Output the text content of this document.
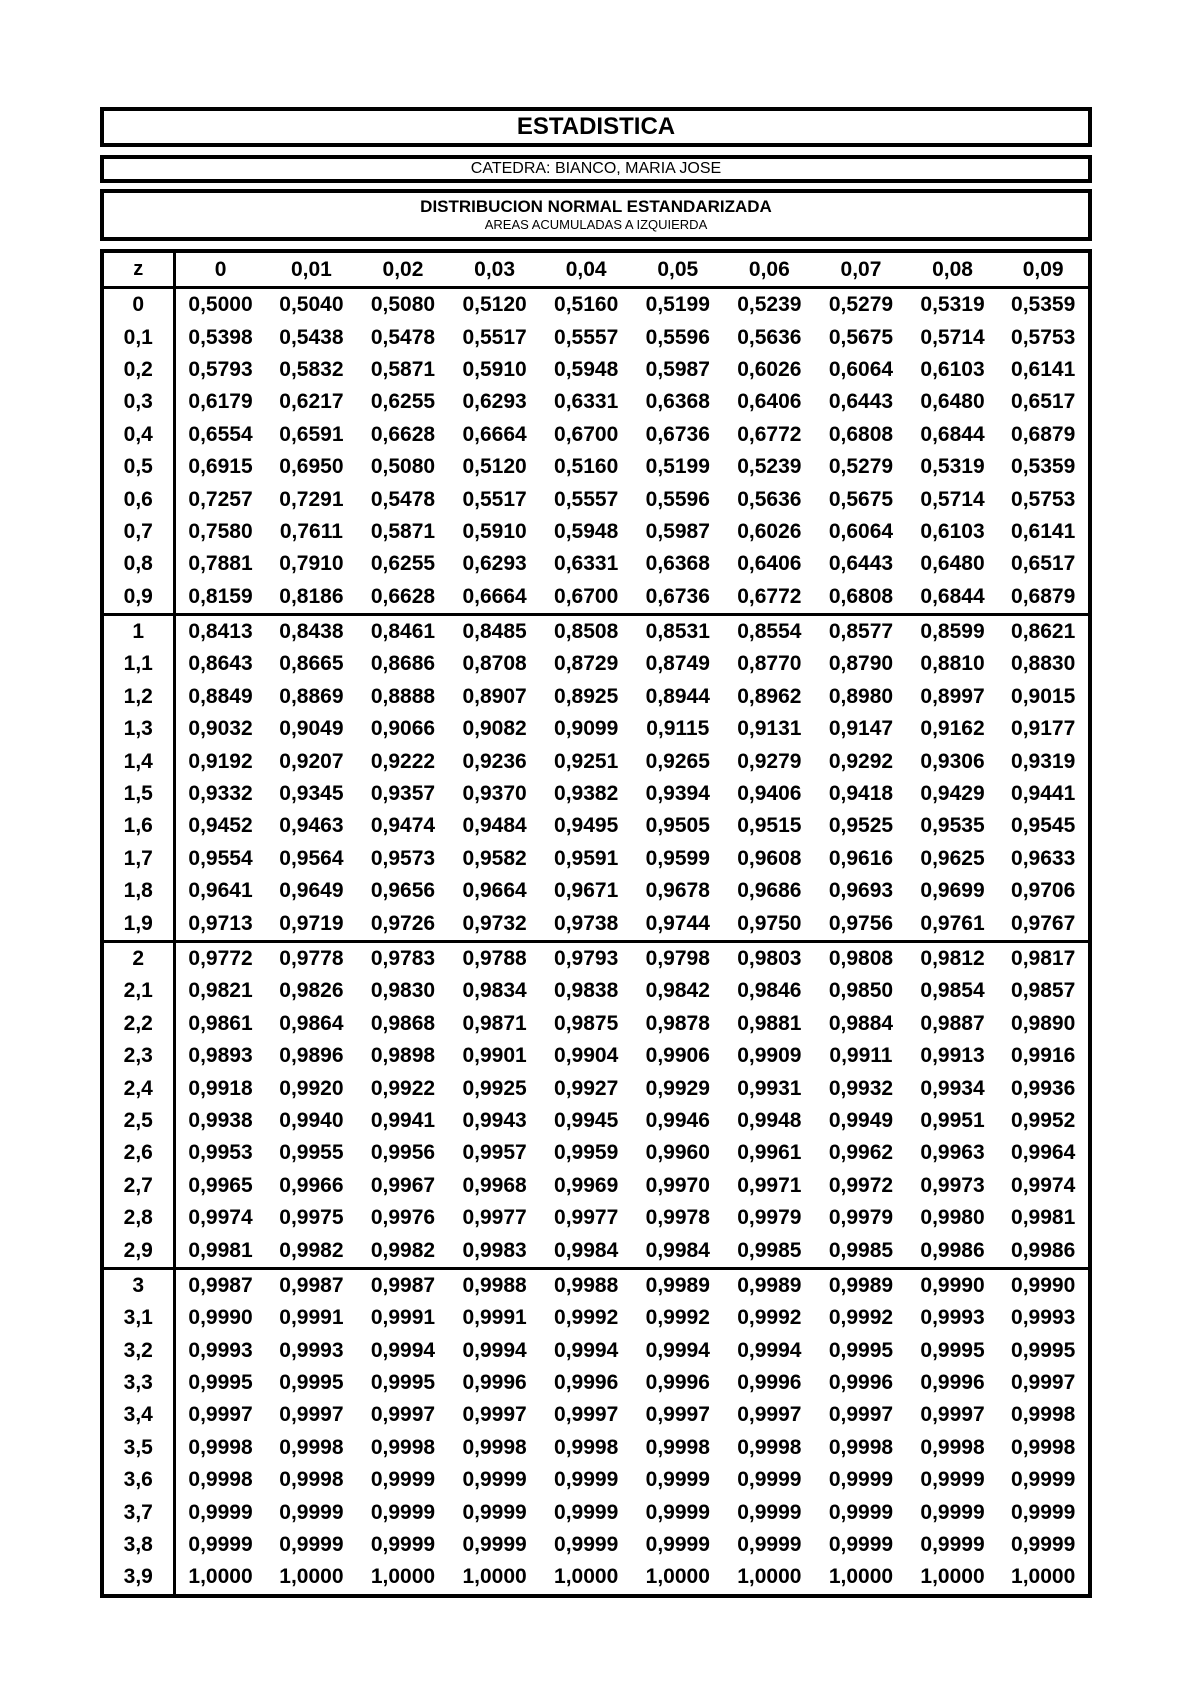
ESTADISTICA
CATEDRA: BIANCO, MARIA JOSE
DISTRIBUCION NORMAL ESTANDARIZADA
AREAS ACUMULADAS A IZQUIERDA
z	0	0,01	0,02	0,03	0,04	0,05	0,06	0,07	0,08	0,09
0	0,5000	0,5040	0,5080	0,5120	0,5160	0,5199	0,5239	0,5279	0,5319	0,5359
0,1	0,5398	0,5438	0,5478	0,5517	0,5557	0,5596	0,5636	0,5675	0,5714	0,5753
0,2	0,5793	0,5832	0,5871	0,5910	0,5948	0,5987	0,6026	0,6064	0,6103	0,6141
0,3	0,6179	0,6217	0,6255	0,6293	0,6331	0,6368	0,6406	0,6443	0,6480	0,6517
0,4	0,6554	0,6591	0,6628	0,6664	0,6700	0,6736	0,6772	0,6808	0,6844	0,6879
0,5	0,6915	0,6950	0,5080	0,5120	0,5160	0,5199	0,5239	0,5279	0,5319	0,5359
0,6	0,7257	0,7291	0,5478	0,5517	0,5557	0,5596	0,5636	0,5675	0,5714	0,5753
0,7	0,7580	0,7611	0,5871	0,5910	0,5948	0,5987	0,6026	0,6064	0,6103	0,6141
0,8	0,7881	0,7910	0,6255	0,6293	0,6331	0,6368	0,6406	0,6443	0,6480	0,6517
0,9	0,8159	0,8186	0,6628	0,6664	0,6700	0,6736	0,6772	0,6808	0,6844	0,6879
1	0,8413	0,8438	0,8461	0,8485	0,8508	0,8531	0,8554	0,8577	0,8599	0,8621
1,1	0,8643	0,8665	0,8686	0,8708	0,8729	0,8749	0,8770	0,8790	0,8810	0,8830
1,2	0,8849	0,8869	0,8888	0,8907	0,8925	0,8944	0,8962	0,8980	0,8997	0,9015
1,3	0,9032	0,9049	0,9066	0,9082	0,9099	0,9115	0,9131	0,9147	0,9162	0,9177
1,4	0,9192	0,9207	0,9222	0,9236	0,9251	0,9265	0,9279	0,9292	0,9306	0,9319
1,5	0,9332	0,9345	0,9357	0,9370	0,9382	0,9394	0,9406	0,9418	0,9429	0,9441
1,6	0,9452	0,9463	0,9474	0,9484	0,9495	0,9505	0,9515	0,9525	0,9535	0,9545
1,7	0,9554	0,9564	0,9573	0,9582	0,9591	0,9599	0,9608	0,9616	0,9625	0,9633
1,8	0,9641	0,9649	0,9656	0,9664	0,9671	0,9678	0,9686	0,9693	0,9699	0,9706
1,9	0,9713	0,9719	0,9726	0,9732	0,9738	0,9744	0,9750	0,9756	0,9761	0,9767
2	0,9772	0,9778	0,9783	0,9788	0,9793	0,9798	0,9803	0,9808	0,9812	0,9817
2,1	0,9821	0,9826	0,9830	0,9834	0,9838	0,9842	0,9846	0,9850	0,9854	0,9857
2,2	0,9861	0,9864	0,9868	0,9871	0,9875	0,9878	0,9881	0,9884	0,9887	0,9890
2,3	0,9893	0,9896	0,9898	0,9901	0,9904	0,9906	0,9909	0,9911	0,9913	0,9916
2,4	0,9918	0,9920	0,9922	0,9925	0,9927	0,9929	0,9931	0,9932	0,9934	0,9936
2,5	0,9938	0,9940	0,9941	0,9943	0,9945	0,9946	0,9948	0,9949	0,9951	0,9952
2,6	0,9953	0,9955	0,9956	0,9957	0,9959	0,9960	0,9961	0,9962	0,9963	0,9964
2,7	0,9965	0,9966	0,9967	0,9968	0,9969	0,9970	0,9971	0,9972	0,9973	0,9974
2,8	0,9974	0,9975	0,9976	0,9977	0,9977	0,9978	0,9979	0,9979	0,9980	0,9981
2,9	0,9981	0,9982	0,9982	0,9983	0,9984	0,9984	0,9985	0,9985	0,9986	0,9986
3	0,9987	0,9987	0,9987	0,9988	0,9988	0,9989	0,9989	0,9989	0,9990	0,9990
3,1	0,9990	0,9991	0,9991	0,9991	0,9992	0,9992	0,9992	0,9992	0,9993	0,9993
3,2	0,9993	0,9993	0,9994	0,9994	0,9994	0,9994	0,9994	0,9995	0,9995	0,9995
3,3	0,9995	0,9995	0,9995	0,9996	0,9996	0,9996	0,9996	0,9996	0,9996	0,9997
3,4	0,9997	0,9997	0,9997	0,9997	0,9997	0,9997	0,9997	0,9997	0,9997	0,9998
3,5	0,9998	0,9998	0,9998	0,9998	0,9998	0,9998	0,9998	0,9998	0,9998	0,9998
3,6	0,9998	0,9998	0,9999	0,9999	0,9999	0,9999	0,9999	0,9999	0,9999	0,9999
3,7	0,9999	0,9999	0,9999	0,9999	0,9999	0,9999	0,9999	0,9999	0,9999	0,9999
3,8	0,9999	0,9999	0,9999	0,9999	0,9999	0,9999	0,9999	0,9999	0,9999	0,9999
3,9	1,0000	1,0000	1,0000	1,0000	1,0000	1,0000	1,0000	1,0000	1,0000	1,0000
